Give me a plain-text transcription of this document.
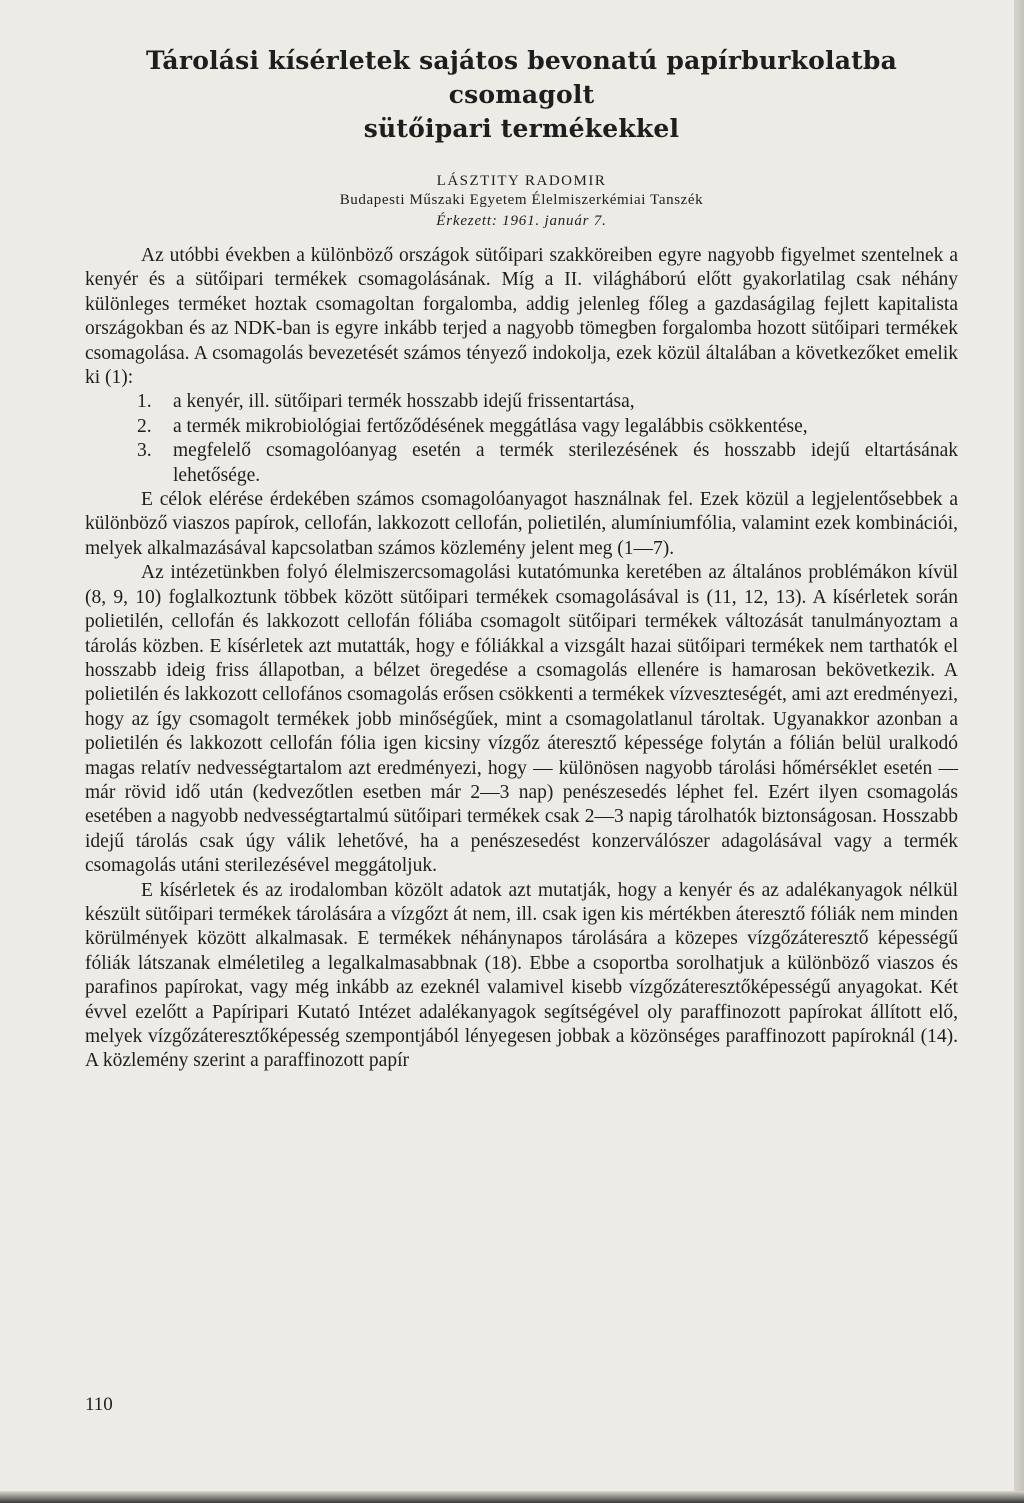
Tárolási kísérletek sajátos bevonatú papírburkolatba csomagolt
sütőipari termékekkel
LÁSZTITY RADOMIR
Budapesti Műszaki Egyetem Élelmiszerkémiai Tanszék
Érkezett: 1961. január 7.

Az utóbbi években a különböző országok sütőipari szakköreiben egyre nagyobb figyelmet szentelnek a kenyér és a sütőipari termékek csomagolásának. Míg a II. világháború előtt gyakorlatilag csak néhány különleges terméket hoztak csomagoltan forgalomba, addig jelenleg főleg a gazdaságilag fejlett kapitalista országokban és az NDK-ban is egyre inkább terjed a nagyobb tömegben forgalomba hozott sütőipari termékek csomagolása. A csomagolás bevezetését számos tényező indokolja, ezek közül általában a következőket emelik ki (1):

1. a kenyér, ill. sütőipari termék hosszabb idejű frissentartása,
2. a termék mikrobiológiai fertőződésének meggátlása vagy legalábbis csökkentése,
3. megfelelő csomagolóanyag esetén a termék sterilezésének és hosszabb idejű eltartásának lehetősége.

E célok elérése érdekében számos csomagolóanyagot használnak fel. Ezek közül a legjelentősebbek a különböző viaszos papírok, cellofán, lakkozott cellofán, polietilén, alumíniumfólia, valamint ezek kombinációi, melyek alkalmazásával kapcsolatban számos közlemény jelent meg (1—7).

Az intézetünkben folyó élelmiszercsomagolási kutatómunka keretében az általános problémákon kívül (8, 9, 10) foglalkoztunk többek között sütőipari termékek csomagolásával is (11, 12, 13). A kísérletek során polietilén, cellofán és lakkozott cellofán fóliába csomagolt sütőipari termékek változását tanulmányoztam a tárolás közben. E kísérletek azt mutatták, hogy e fóliákkal a vizsgált hazai sütőipari termékek nem tarthatók el hosszabb ideig friss állapotban, a bélzet öregedése a csomagolás ellenére is hamarosan bekövetkezik. A polietilén és lakkozott cellofános csomagolás erősen csökkenti a termékek vízveszteségét, ami azt eredményezi, hogy az így csomagolt termékek jobb minőségűek, mint a csomagolatlanul tároltak. Ugyanakkor azonban a polietilén és lakkozott cellofán fólia igen kicsiny vízgőz áteresztő képessége folytán a fólián belül uralkodó magas relatív nedvességtartalom azt eredményezi, hogy — különösen nagyobb tárolási hőmérséklet esetén — már rövid idő után (kedvezőtlen esetben már 2—3 nap) penészesedés léphet fel. Ezért ilyen csomagolás esetében a nagyobb nedvességtartalmú sütőipari termékek csak 2—3 napig tárolhatók biztonságosan. Hosszabb idejű tárolás csak úgy válik lehetővé, ha a penészesedést konzerválószer adagolásával vagy a termék csomagolás utáni sterilezésével meggátoljuk.

E kísérletek és az irodalomban közölt adatok azt mutatják, hogy a kenyér és az adalékanyagok nélkül készült sütőipari termékek tárolására a vízgőzt át nem, ill. csak igen kis mértékben áteresztő fóliák nem minden körülmények között alkalmasak. E termékek néhánynapos tárolására a közepes vízgőzáteresztő képességű fóliák látszanak elméletileg a legalkalmasabbnak (18). Ebbe a csoportba sorolhatjuk a különböző viaszos és parafinos papírokat, vagy még inkább az ezeknél valamivel kisebb vízgőzáteresztőképességű anyagokat. Két évvel ezelőtt a Papíripari Kutató Intézet adalékanyagok segítségével oly paraffinozott papírokat állított elő, melyek vízgőzáteresztőképesség szempontjából lényegesen jobbak a közönséges paraffinozott papíroknál (14). A közlemény szerint a paraffinozott papír

110
